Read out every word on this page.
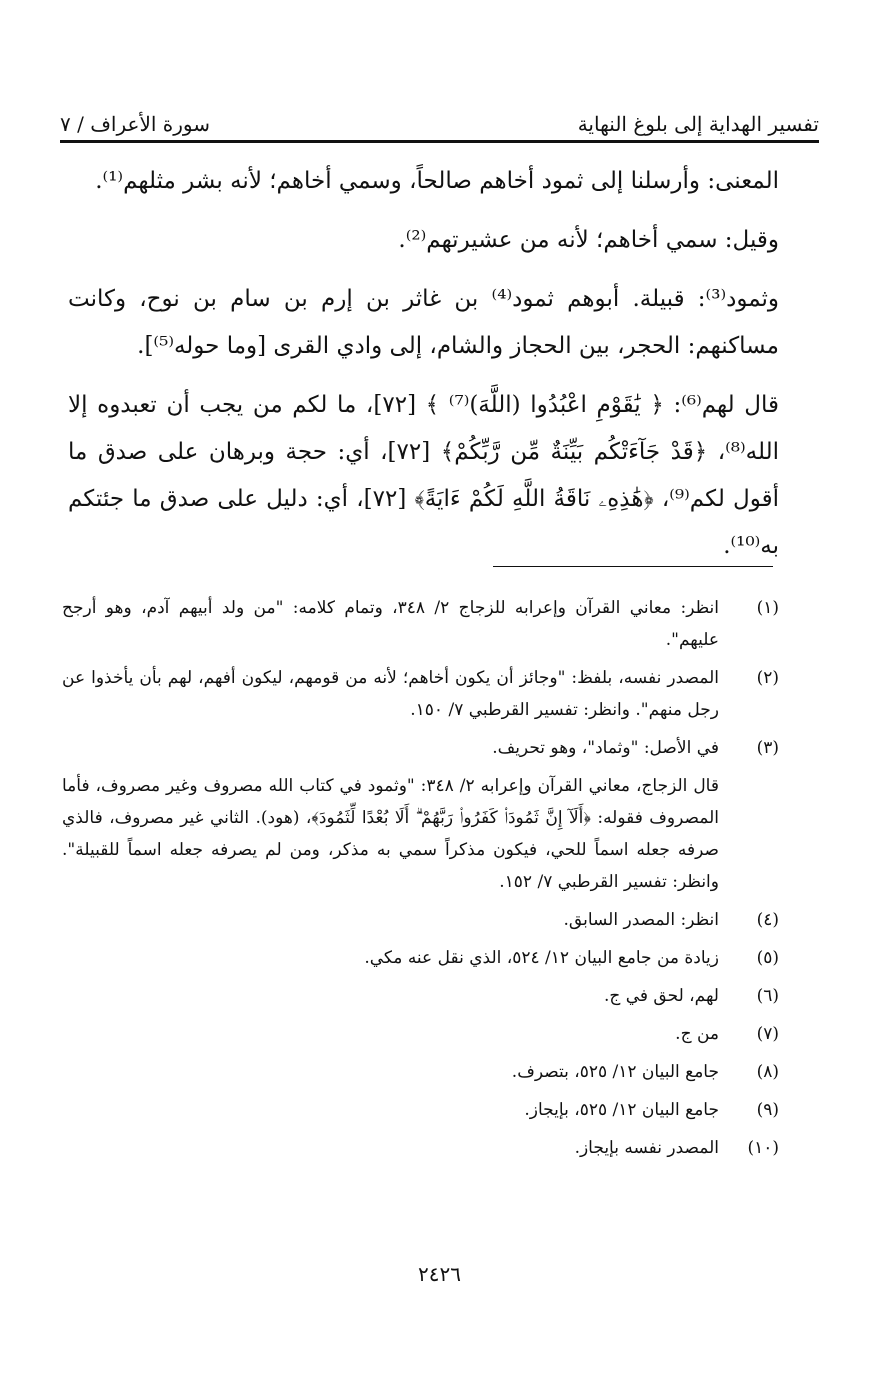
تفسير الهداية إلى بلوغ النهاية
سورة الأعراف / ٧

المعنى: وأرسلنا إلى ثمود أخاهم صالحاً، وسمي أخاهم؛ لأنه بشر مثلهم⁽¹⁾.

وقيل: سمي أخاهم؛ لأنه من عشيرتهم⁽²⁾.

وثمود⁽³⁾: قبيلة. أبوهم ثمود⁽⁴⁾ بن غاثر بن إرم بن سام بن نوح، وكانت مساكنهم: الحجر، بين الحجاز والشام، إلى وادي القرى [وما حوله⁽⁵⁾].

قال لهم⁽⁶⁾: ﴿ يَٰقَوْمِ اعْبُدُوا (اللَّهَ)⁽⁷⁾ ﴾ [٧٢]، ما لكم من يجب أن تعبدوه إلا الله⁽⁸⁾، ﴿قَدْ جَآءَتْكُم بَيِّنَةٌ مِّن رَّبِّكُمْ﴾ [٧٢]، أي: حجة وبرهان على صدق ما أقول لكم⁽⁹⁾، ﴿هَٰذِهِۦ نَاقَةُ اللَّهِ لَكُمْ ءَايَةً﴾ [٧٢]، أي: دليل على صدق ما جئتكم به⁽¹⁰⁾.

(١)
انظر: معاني القرآن وإعرابه للزجاج ٢/ ٣٤٨، وتمام كلامه: "من ولد أبيهم آدم، وهو أرجح عليهم".
(٢)
المصدر نفسه، بلفظ: "وجائز أن يكون أخاهم؛ لأنه من قومهم، ليكون أفهم، لهم بأن يأخذوا عن رجل منهم". وانظر: تفسير القرطبي ٧/ ١٥٠.
(٣)
في الأصل: "وثماد"، وهو تحريف.
قال الزجاج، معاني القرآن وإعرابه ٢/ ٣٤٨: "وثمود في كتاب الله مصروف وغير مصروف، فأما المصروف فقوله: ﴿أَلَآ إِنَّ ثَمُودَا۟ كَفَرُوا۟ رَبَّهُمْ ۗ أَلَا بُعْدًا لِّثَمُودَ﴾، (هود). الثاني غير مصروف، فالذي صرفه جعله اسماً للحي، فيكون مذكراً سمي به مذكر، ومن لم يصرفه جعله اسماً للقبيلة". وانظر: تفسير القرطبي ٧/ ١٥٢.
(٤)
انظر: المصدر السابق.
(٥)
زيادة من جامع البيان ١٢/ ٥٢٤، الذي نقل عنه مكي.
(٦)
لهم، لحق في ج.
(٧)
من ج.
(٨)
جامع البيان ١٢/ ٥٢٥، بتصرف.
(٩)
جامع البيان ١٢/ ٥٢٥، بإيجاز.
(١٠)
المصدر نفسه بإيجاز.
٢٤٢٦
